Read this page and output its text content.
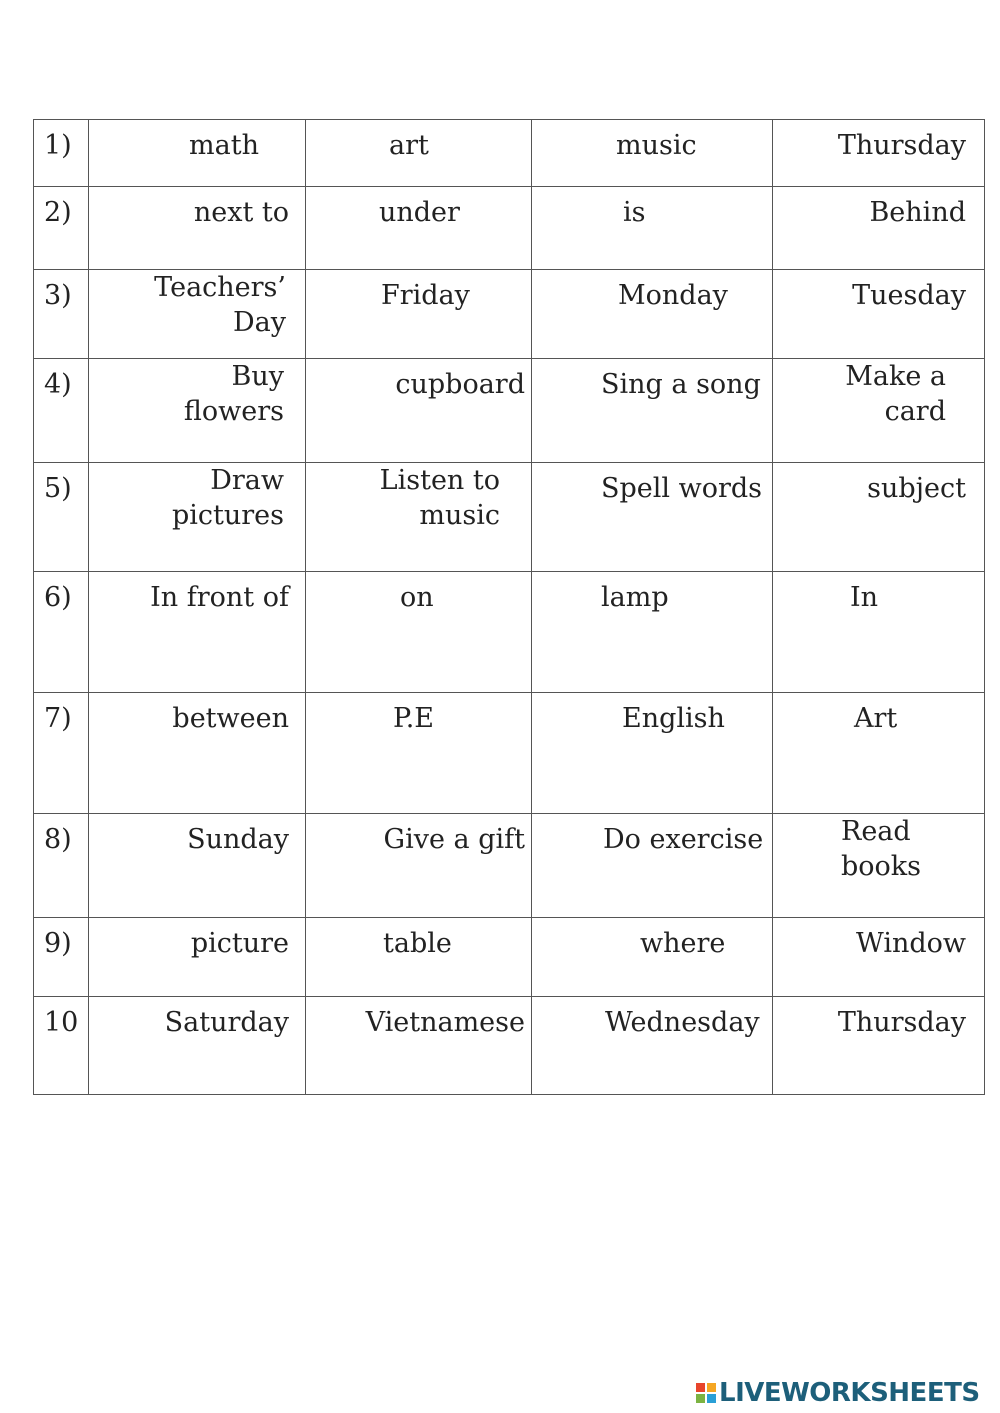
1)	math	art	music	Thursday

2)	next to	under	is	Behind

3)	Teachers’ Day	Friday	Monday	Tuesday

4)	Buy flowers	cupboard	Sing a song	Make a card

5)	Draw pictures	Listen to music	Spell words	subject

6)	In front of	on	lamp	In

7)	between	P.E	English	Art

8)	Sunday	Give a gift	Do exercise	Read books

9)	picture	table	where	Window

10	Saturday	Vietnamese	Wednesday	Thursday
LIVEWORKSHEETS
